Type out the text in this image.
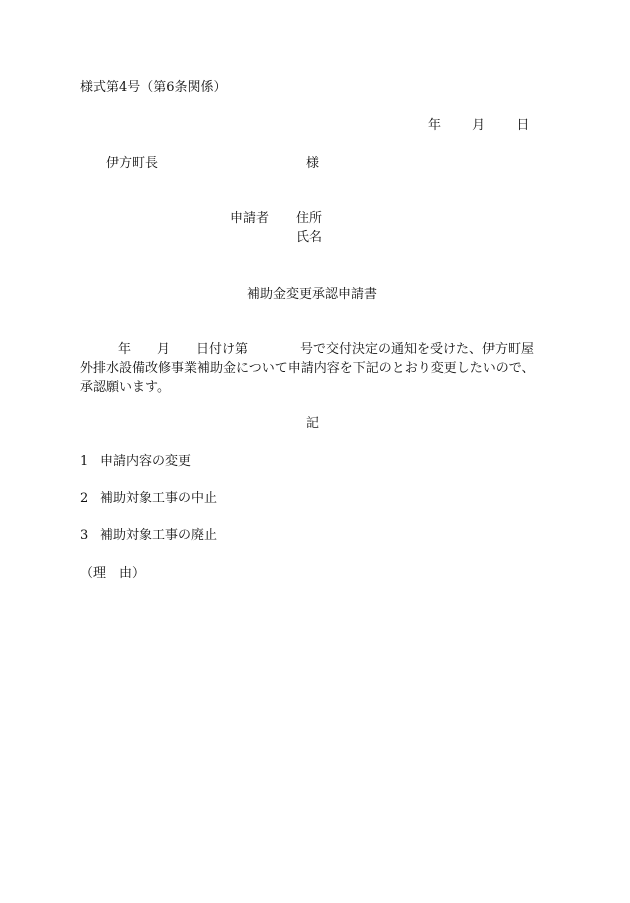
様式第4号（第6条関係）
年 月 日
伊方町長	様
申請者 住所
氏名
補助金変更承認申請書
年 月 日付け第	号で交付決定の通知を受けた、伊方町屋
外排水設備改修事業補助金について申請内容を下記のとおり変更したいので、
承認願います。
記
1 申請内容の変更
2 補助対象工事の中止
3 補助対象工事の廃止
（理 由）
